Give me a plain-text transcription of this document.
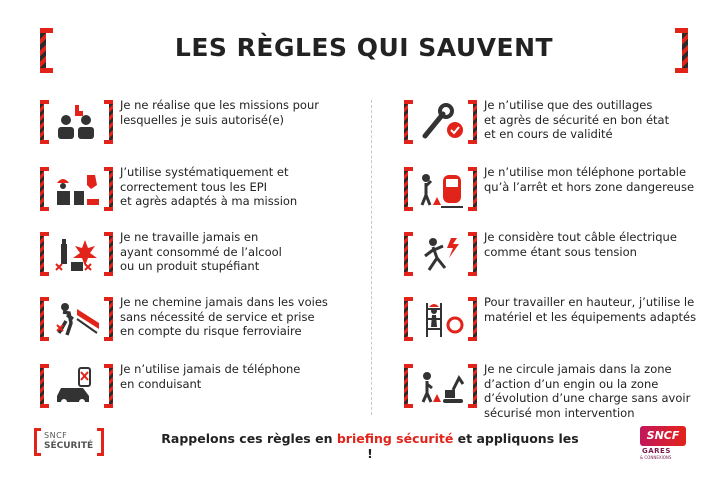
LES RÈGLES QUI SAUVENT
Je ne réalise que les missions pour
lesquelles je suis autorisé(e)
J’utilise systématiquement et
correctement tous les EPI
et agrès adaptés à ma mission
Je ne travaille jamais en
ayant consommé de l’alcool
ou un produit stupéfiant
Je ne chemine jamais dans les voies
sans nécessité de service et prise
en compte du risque ferroviaire
Je n’utilise jamais de téléphone
en conduisant
Je n’utilise que des outillages
et agrès de sécurité en bon état
et en cours de validité
Je n’utilise mon téléphone portable
qu’à l’arrêt et hors zone dangereuse
Je considère tout câble électrique
comme étant sous tension
Pour travailler en hauteur, j’utilise le
matériel et les équipements adaptés
Je ne circule jamais dans la zone
d’action d’un engin ou la zone
d’évolution d’une charge sans avoir
sécurisé mon intervention
SNCF
SÉCURITÉ	Rappelons ces règles en briefing sécurité et appliquons les !
SNCF
GARES
& CONNEXIONS
